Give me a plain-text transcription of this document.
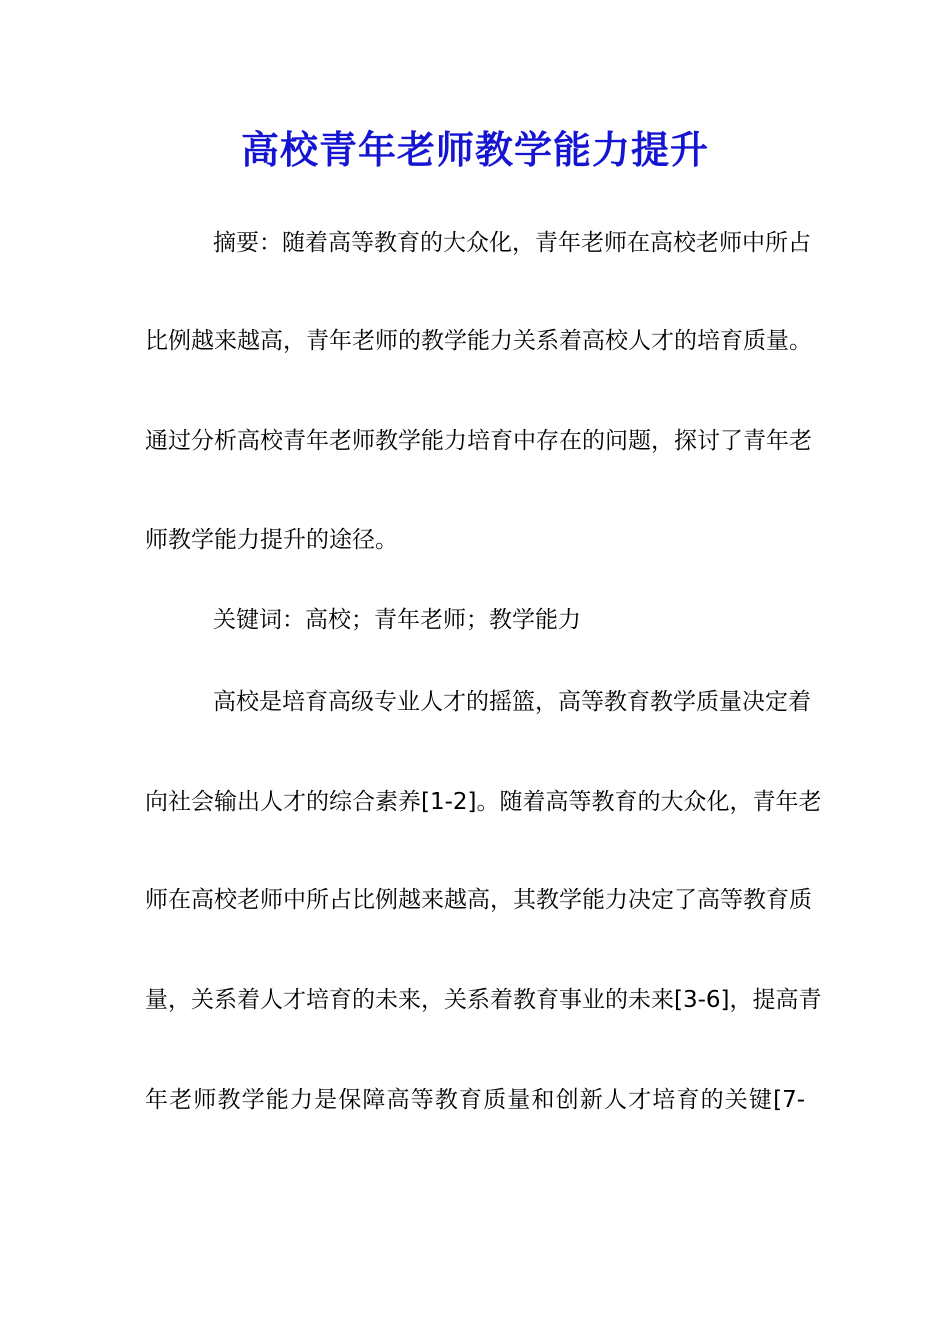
高校青年老师教学能力提升
摘要：随着高等教育的大众化，青年老师在高校老师中所占
比例越来越高，青年老师的教学能力关系着高校人才的培育质量。
通过分析高校青年老师教学能力培育中存在的问题，探讨了青年老
师教学能力提升的途径。
关键词：高校；青年老师；教学能力
高校是培育高级专业人才的摇篮，高等教育教学质量决定着
向社会输出人才的综合素养[1-2]。随着高等教育的大众化，青年老
师在高校老师中所占比例越来越高，其教学能力决定了高等教育质
量，关系着人才培育的未来，关系着教育事业的未来[3-6]，提高青
年老师教学能力是保障高等教育质量和创新人才培育的关键[7-
